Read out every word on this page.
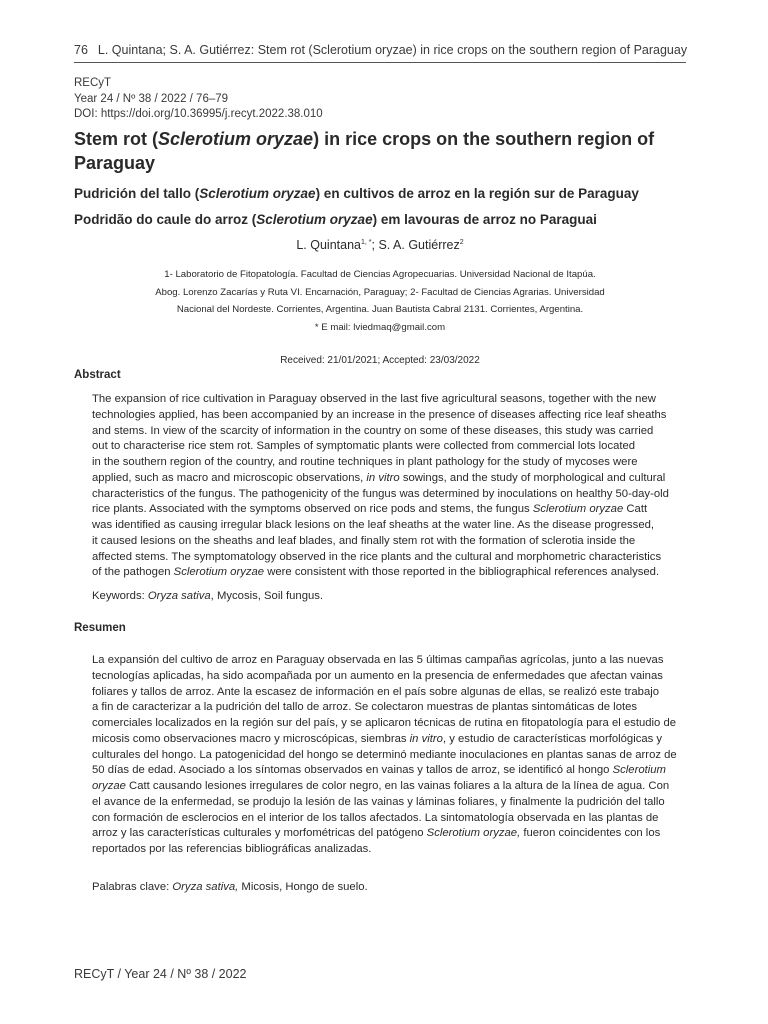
76 L. Quintana; S. A. Gutiérrez: Stem rot (Sclerotium oryzae) in rice crops on the southern region of Paraguay
RECyT
Year 24 / Nº 38 / 2022 / 76–79
DOI: https://doi.org/10.36995/j.recyt.2022.38.010
Stem rot (Sclerotium oryzae) in rice crops on the southern region of Paraguay
Pudrición del tallo (Sclerotium oryzae) en cultivos de arroz en la región sur de Paraguay
Podridão do caule do arroz (Sclerotium oryzae) em lavouras de arroz no Paraguai
L. Quintana$^{1, *}$; S. A. Gutiérrez$^2$
1- Laboratorio de Fitopatología. Facultad de Ciencias Agropecuarias. Universidad Nacional de Itapúa.
Abog. Lorenzo Zacarías y Ruta VI. Encarnación, Paraguay; 2- Facultad de Ciencias Agrarias. Universidad
Nacional del Nordeste. Corrientes, Argentina. Juan Bautista Cabral 2131. Corrientes, Argentina.
* E mail: lviedmaq@gmail.com
Received: 21/01/2021; Accepted: 23/03/2022
Abstract
The expansion of rice cultivation in Paraguay observed in the last five agricultural seasons, together with the new
technologies applied, has been accompanied by an increase in the presence of diseases affecting rice leaf sheaths
and stems. In view of the scarcity of information in the country on some of these diseases, this study was carried
out to characterise rice stem rot. Samples of symptomatic plants were collected from commercial lots located
in the southern region of the country, and routine techniques in plant pathology for the study of mycoses were
applied, such as macro and microscopic observations, in vitro sowings, and the study of morphological and cultural
characteristics of the fungus. The pathogenicity of the fungus was determined by inoculations on healthy 50-day-old
rice plants. Associated with the symptoms observed on rice pods and stems, the fungus Sclerotium oryzae Catt
was identified as causing irregular black lesions on the leaf sheaths at the water line. As the disease progressed,
it caused lesions on the sheaths and leaf blades, and finally stem rot with the formation of sclerotia inside the
affected stems. The symptomatology observed in the rice plants and the cultural and morphometric characteristics
of the pathogen Sclerotium oryzae were consistent with those reported in the bibliographical references analysed.
Keywords: Oryza sativa, Mycosis, Soil fungus.
Resumen
La expansión del cultivo de arroz en Paraguay observada en las 5 últimas campañas agrícolas, junto a las nuevas
tecnologías aplicadas, ha sido acompañada por un aumento en la presencia de enfermedades que afectan vainas
foliares y tallos de arroz. Ante la escasez de información en el país sobre algunas de ellas, se realizó este trabajo
a fin de caracterizar a la pudrición del tallo de arroz. Se colectaron muestras de plantas sintomáticas de lotes
comerciales localizados en la región sur del país, y se aplicaron técnicas de rutina en fitopatología para el estudio de
micosis como observaciones macro y microscópicas, siembras in vitro, y estudio de características morfológicas y
culturales del hongo. La patogenicidad del hongo se determinó mediante inoculaciones en plantas sanas de arroz de
50 días de edad. Asociado a los síntomas observados en vainas y tallos de arroz, se identificó al hongo Sclerotium
oryzae Catt causando lesiones irregulares de color negro, en las vainas foliares a la altura de la línea de agua. Con
el avance de la enfermedad, se produjo la lesión de las vainas y láminas foliares, y finalmente la pudrición del tallo
con formación de esclerocios en el interior de los tallos afectados. La sintomatología observada en las plantas de
arroz y las características culturales y morfométricas del patógeno Sclerotium oryzae, fueron coincidentes con los
reportados por las referencias bibliográficas analizadas.
Palabras clave: Oryza sativa, Micosis, Hongo de suelo.
RECyT / Year 24 / Nº 38 / 2022
